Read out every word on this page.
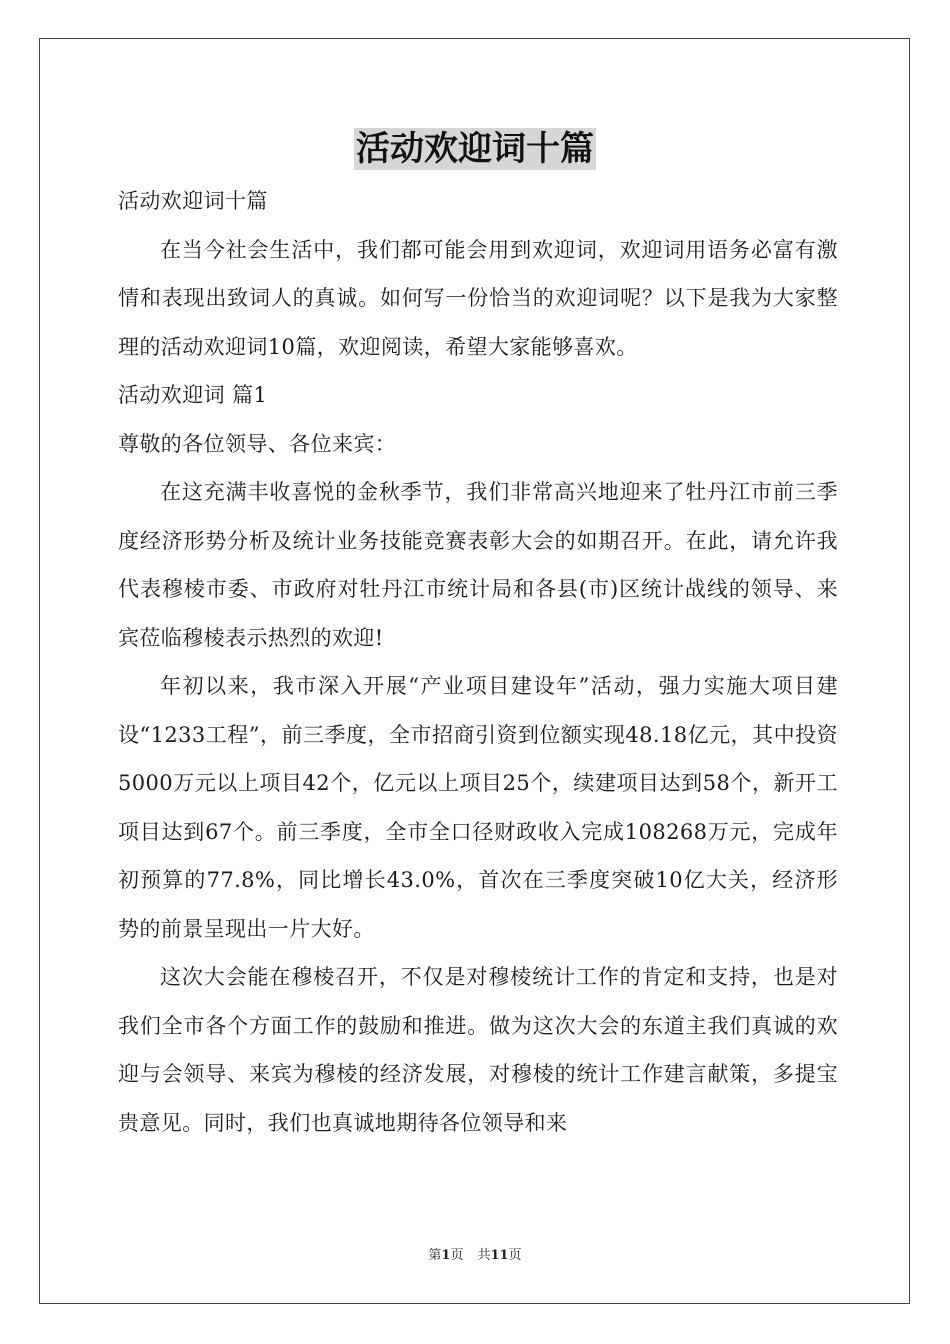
活动欢迎词十篇

活动欢迎词十篇

在当今社会生活中，我们都可能会用到欢迎词，欢迎词用语务必富有激情和表现出致词人的真诚。如何写一份恰当的欢迎词呢？以下是我为大家整理的活动欢迎词10篇，欢迎阅读，希望大家能够喜欢。

活动欢迎词 篇1

尊敬的各位领导、各位来宾：

在这充满丰收喜悦的金秋季节，我们非常高兴地迎来了牡丹江市前三季度经济形势分析及统计业务技能竞赛表彰大会的如期召开。在此，请允许我代表穆棱市委、市政府对牡丹江市统计局和各县(市)区统计战线的领导、来宾莅临穆棱表示热烈的欢迎!

年初以来，我市深入开展“产业项目建设年”活动，强力实施大项目建设“1233工程”，前三季度，全市招商引资到位额实现48.18亿元，其中投资5000万元以上项目42个，亿元以上项目25个，续建项目达到58个，新开工项目达到67个。前三季度，全市全口径财政收入完成108268万元，完成年初预算的77.8%，同比增长43.0%，首次在三季度突破10亿大关，经济形势的前景呈现出一片大好。

这次大会能在穆棱召开，不仅是对穆棱统计工作的肯定和支持，也是对我们全市各个方面工作的鼓励和推进。做为这次大会的东道主我们真诚的欢迎与会领导、来宾为穆棱的经济发展，对穆棱的统计工作建言献策，多提宝贵意见。同时，我们也真诚地期待各位领导和来

第1页 共11页
